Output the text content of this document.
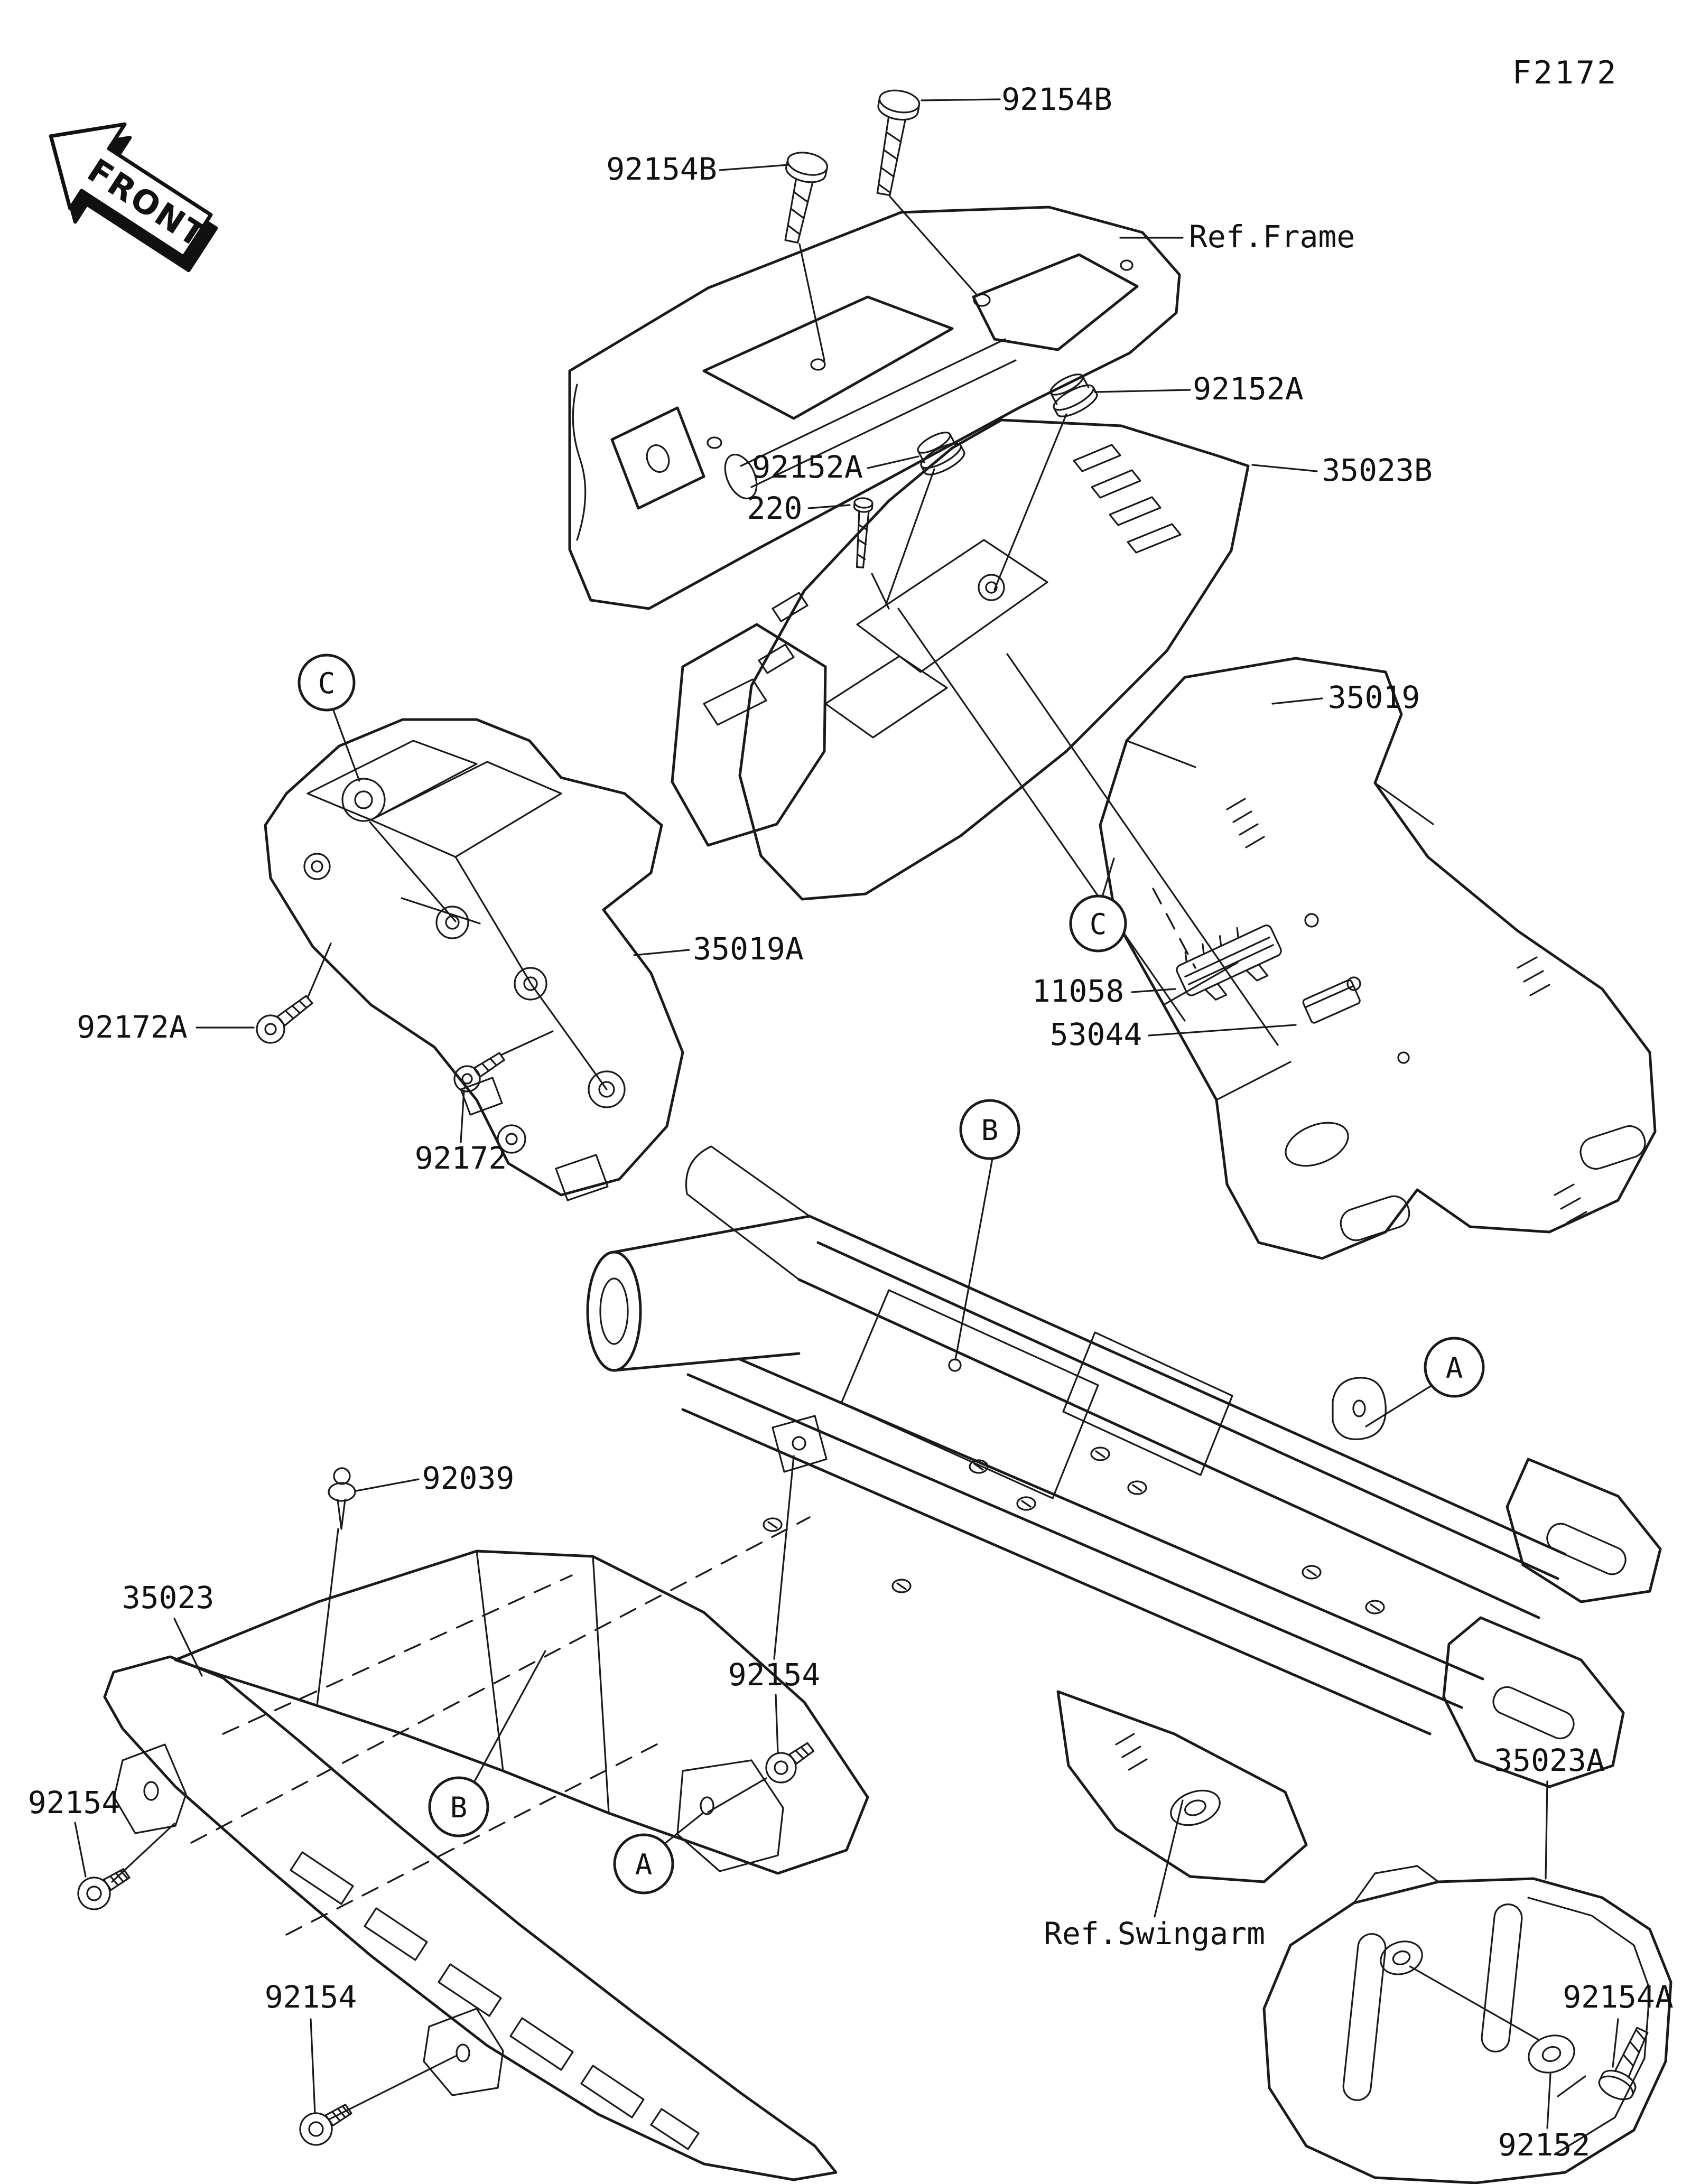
FRONT
F2172
C
C
B
B
A
A
92154B
92154B
Ref.Frame
92152A
92152A
220
35023B
35019
35019A
92172A
92172
11058
53044
92039
35023
92154
92154
35023A
Ref.Swingarm
92154A
92154
92152
